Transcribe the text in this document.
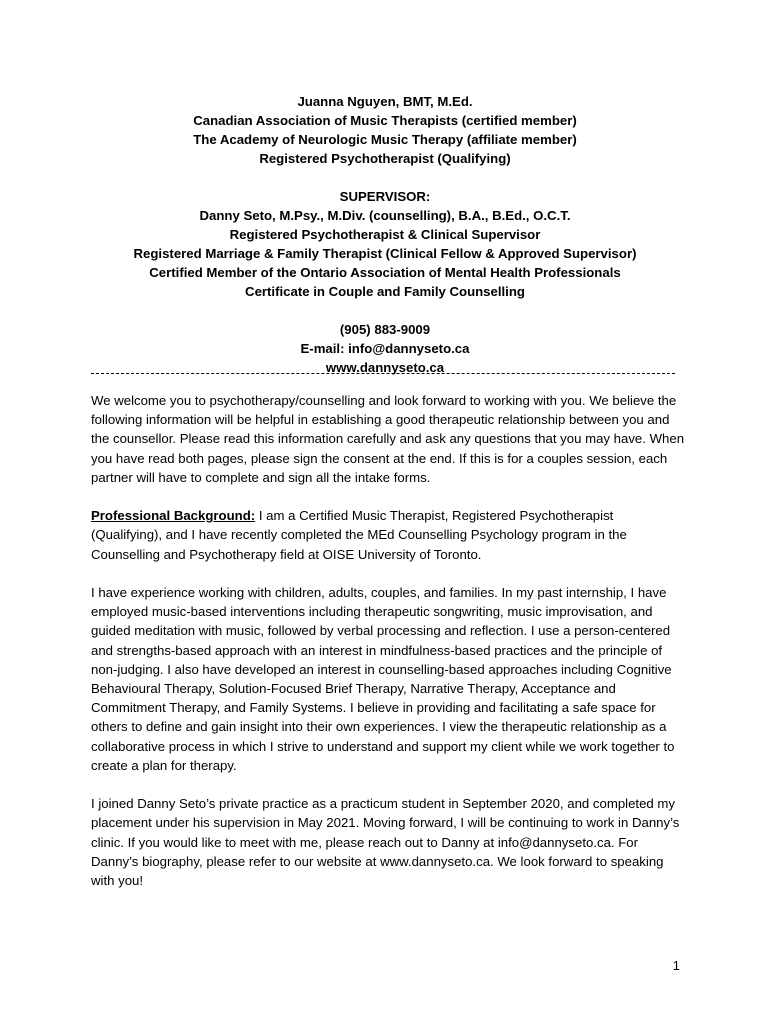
Juanna Nguyen, BMT, M.Ed.
Canadian Association of Music Therapists (certified member)
The Academy of Neurologic Music Therapy (affiliate member)
Registered Psychotherapist (Qualifying)
SUPERVISOR:
Danny Seto, M.Psy., M.Div. (counselling), B.A., B.Ed., O.C.T.
Registered Psychotherapist & Clinical Supervisor
Registered Marriage & Family Therapist (Clinical Fellow & Approved Supervisor)
Certified Member of the Ontario Association of Mental Health Professionals
Certificate in Couple and Family Counselling
(905) 883-9009
E-mail: info@dannyseto.ca
www.dannyseto.ca

We welcome you to psychotherapy/counselling and look forward to working with you. We believe the following information will be helpful in establishing a good therapeutic relationship between you and the counsellor. Please read this information carefully and ask any questions that you may have. When you have read both pages, please sign the consent at the end. If this is for a couples session, each partner will have to complete and sign all the intake forms.

Professional Background: I am a Certified Music Therapist, Registered Psychotherapist (Qualifying), and I have recently completed the MEd Counselling Psychology program in the Counselling and Psychotherapy field at OISE University of Toronto.

I have experience working with children, adults, couples, and families. In my past internship, I have employed music-based interventions including therapeutic songwriting, music improvisation, and guided meditation with music, followed by verbal processing and reflection. I use a person-centered and strengths-based approach with an interest in mindfulness-based practices and the principle of non-judging. I also have developed an interest in counselling-based approaches including Cognitive Behavioural Therapy, Solution-Focused Brief Therapy, Narrative Therapy, Acceptance and Commitment Therapy, and Family Systems. I believe in providing and facilitating a safe space for others to define and gain insight into their own experiences. I view the therapeutic relationship as a collaborative process in which I strive to understand and support my client while we work together to create a plan for therapy.

I joined Danny Seto’s private practice as a practicum student in September 2020, and completed my placement under his supervision in May 2021. Moving forward, I will be continuing to work in Danny’s clinic. If you would like to meet with me, please reach out to Danny at info@dannyseto.ca. For Danny’s biography, please refer to our website at www.dannyseto.ca. We look forward to speaking with you!

1
